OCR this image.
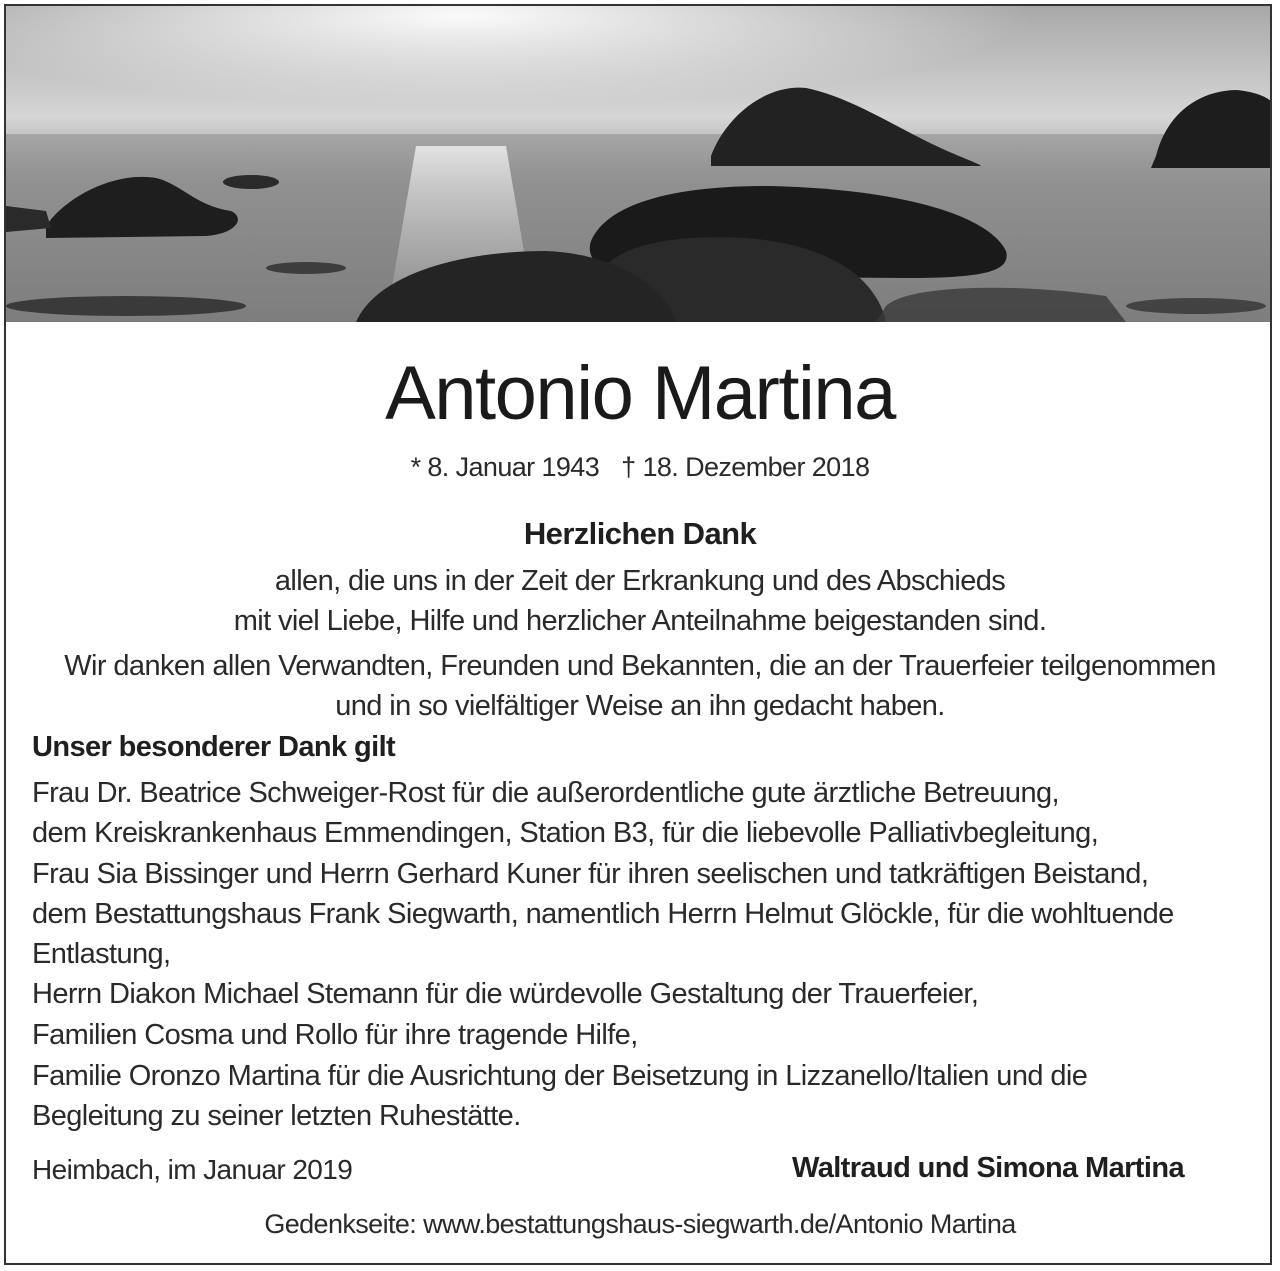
Antonio Martina
* 8. Januar 1943 † 18. Dezember 2018
Herzlichen Dank
allen, die uns in der Zeit der Erkrankung und des Abschieds
mit viel Liebe, Hilfe und herzlicher Anteilnahme beigestanden sind.
Wir danken allen Verwandten, Freunden und Bekannten, die an der Trauerfeier teilgenommen
und in so vielfältiger Weise an ihn gedacht haben.
Unser besonderer Dank gilt
Frau Dr. Beatrice Schweiger-Rost für die außerordentliche gute ärztliche Betreuung,
dem Kreiskrankenhaus Emmendingen, Station B3, für die liebevolle Palliativbegleitung,
Frau Sia Bissinger und Herrn Gerhard Kuner für ihren seelischen und tatkräftigen Beistand,
dem Bestattungshaus Frank Siegwarth, namentlich Herrn Helmut Glöckle, für die wohltuende
Entlastung,
Herrn Diakon Michael Stemann für die würdevolle Gestaltung der Trauerfeier,
Familien Cosma und Rollo für ihre tragende Hilfe,
Familie Oronzo Martina für die Ausrichtung der Beisetzung in Lizzanello/Italien und die
Begleitung zu seiner letzten Ruhestätte.
Heimbach, im Januar 2019	Waltraud und Simona Martina
Gedenkseite: www.bestattungshaus-siegwarth.de/Antonio Martina
